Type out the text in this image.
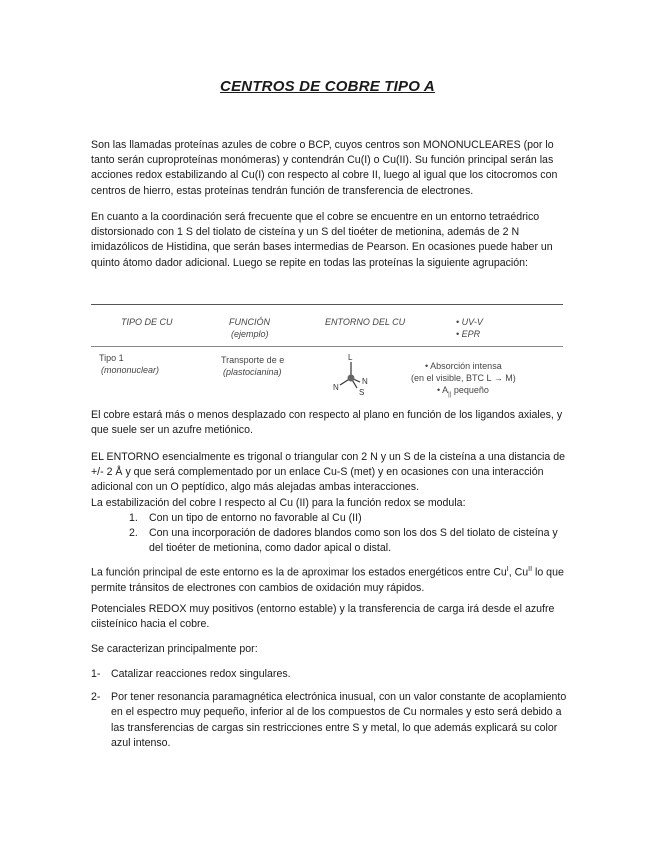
CENTROS DE COBRE TIPO A

Son las llamadas proteínas azules de cobre o BCP, cuyos centros son MONONUCLEARES (por lo tanto serán cuproproteínas monómeras) y contendrán Cu(I) o Cu(II). Su función principal serán las acciones redox estabilizando al Cu(I) con respecto al cobre II, luego al igual que los citocromos con centros de hierro, estas proteínas tendrán función de transferencia de electrones.

En cuanto a la coordinación será frecuente que el cobre se encuentre en un entorno tetraédrico distorsionado con 1 S del tiolato de cisteína y un S del tioéter de metionina, además de 2 N imidazólicos de Histidina, que serán bases intermedias de Pearson. En ocasiones puede haber un quinto átomo dador adicional. Luego se repite en todas las proteínas la siguiente agrupación:

TIPO DE CU	FUNCIÓN
(ejemplo)
ENTORNO DEL CU	• UV-V
• EPR
Tipo 1
(mononuclear)
Transporte de e
(plastocianina)
L
N
N
S
• Absorción intensa
(en el visible, BTC L → M)
• $A_{||}$ pequeño

El cobre estará más o menos desplazado con respecto al plano en función de los ligandos axiales, y que suele ser un azufre metiónico.

EL ENTORNO esencialmente es trigonal o triangular con 2 N y un S de la cisteína a una distancia de +/- 2 Å y que será complementado por un enlace Cu-S (met) y en ocasiones con una interacción adicional con un O peptídico, algo más alejadas ambas interacciones.

La estabilización del cobre I respecto al Cu (II) para la función redox se modula:

1. Con un tipo de entorno no favorable al Cu (II)
2. Con una incorporación de dadores blandos como son los dos S del tiolato de cisteína y del tioéter de metionina, como dador apical o distal.

La función principal de este entorno es la de aproximar los estados energéticos entre $Cu^I$, $Cu^{II}$ lo que permite tránsitos de electrones con cambios de oxidación muy rápidos.

Potenciales REDOX muy positivos (entorno estable) y la transferencia de carga irá desde el azufre ciisteínico hacia el cobre.

Se caracterizan principalmente por:

1- Catalizar reacciones redox singulares.
2- Por tener resonancia paramagnética electrónica inusual, con un valor constante de acoplamiento en el espectro muy pequeño, inferior al de los compuestos de Cu normales y esto será debido a las transferencias de cargas sin restricciones entre S y metal, lo que además explicará su color azul intenso.
